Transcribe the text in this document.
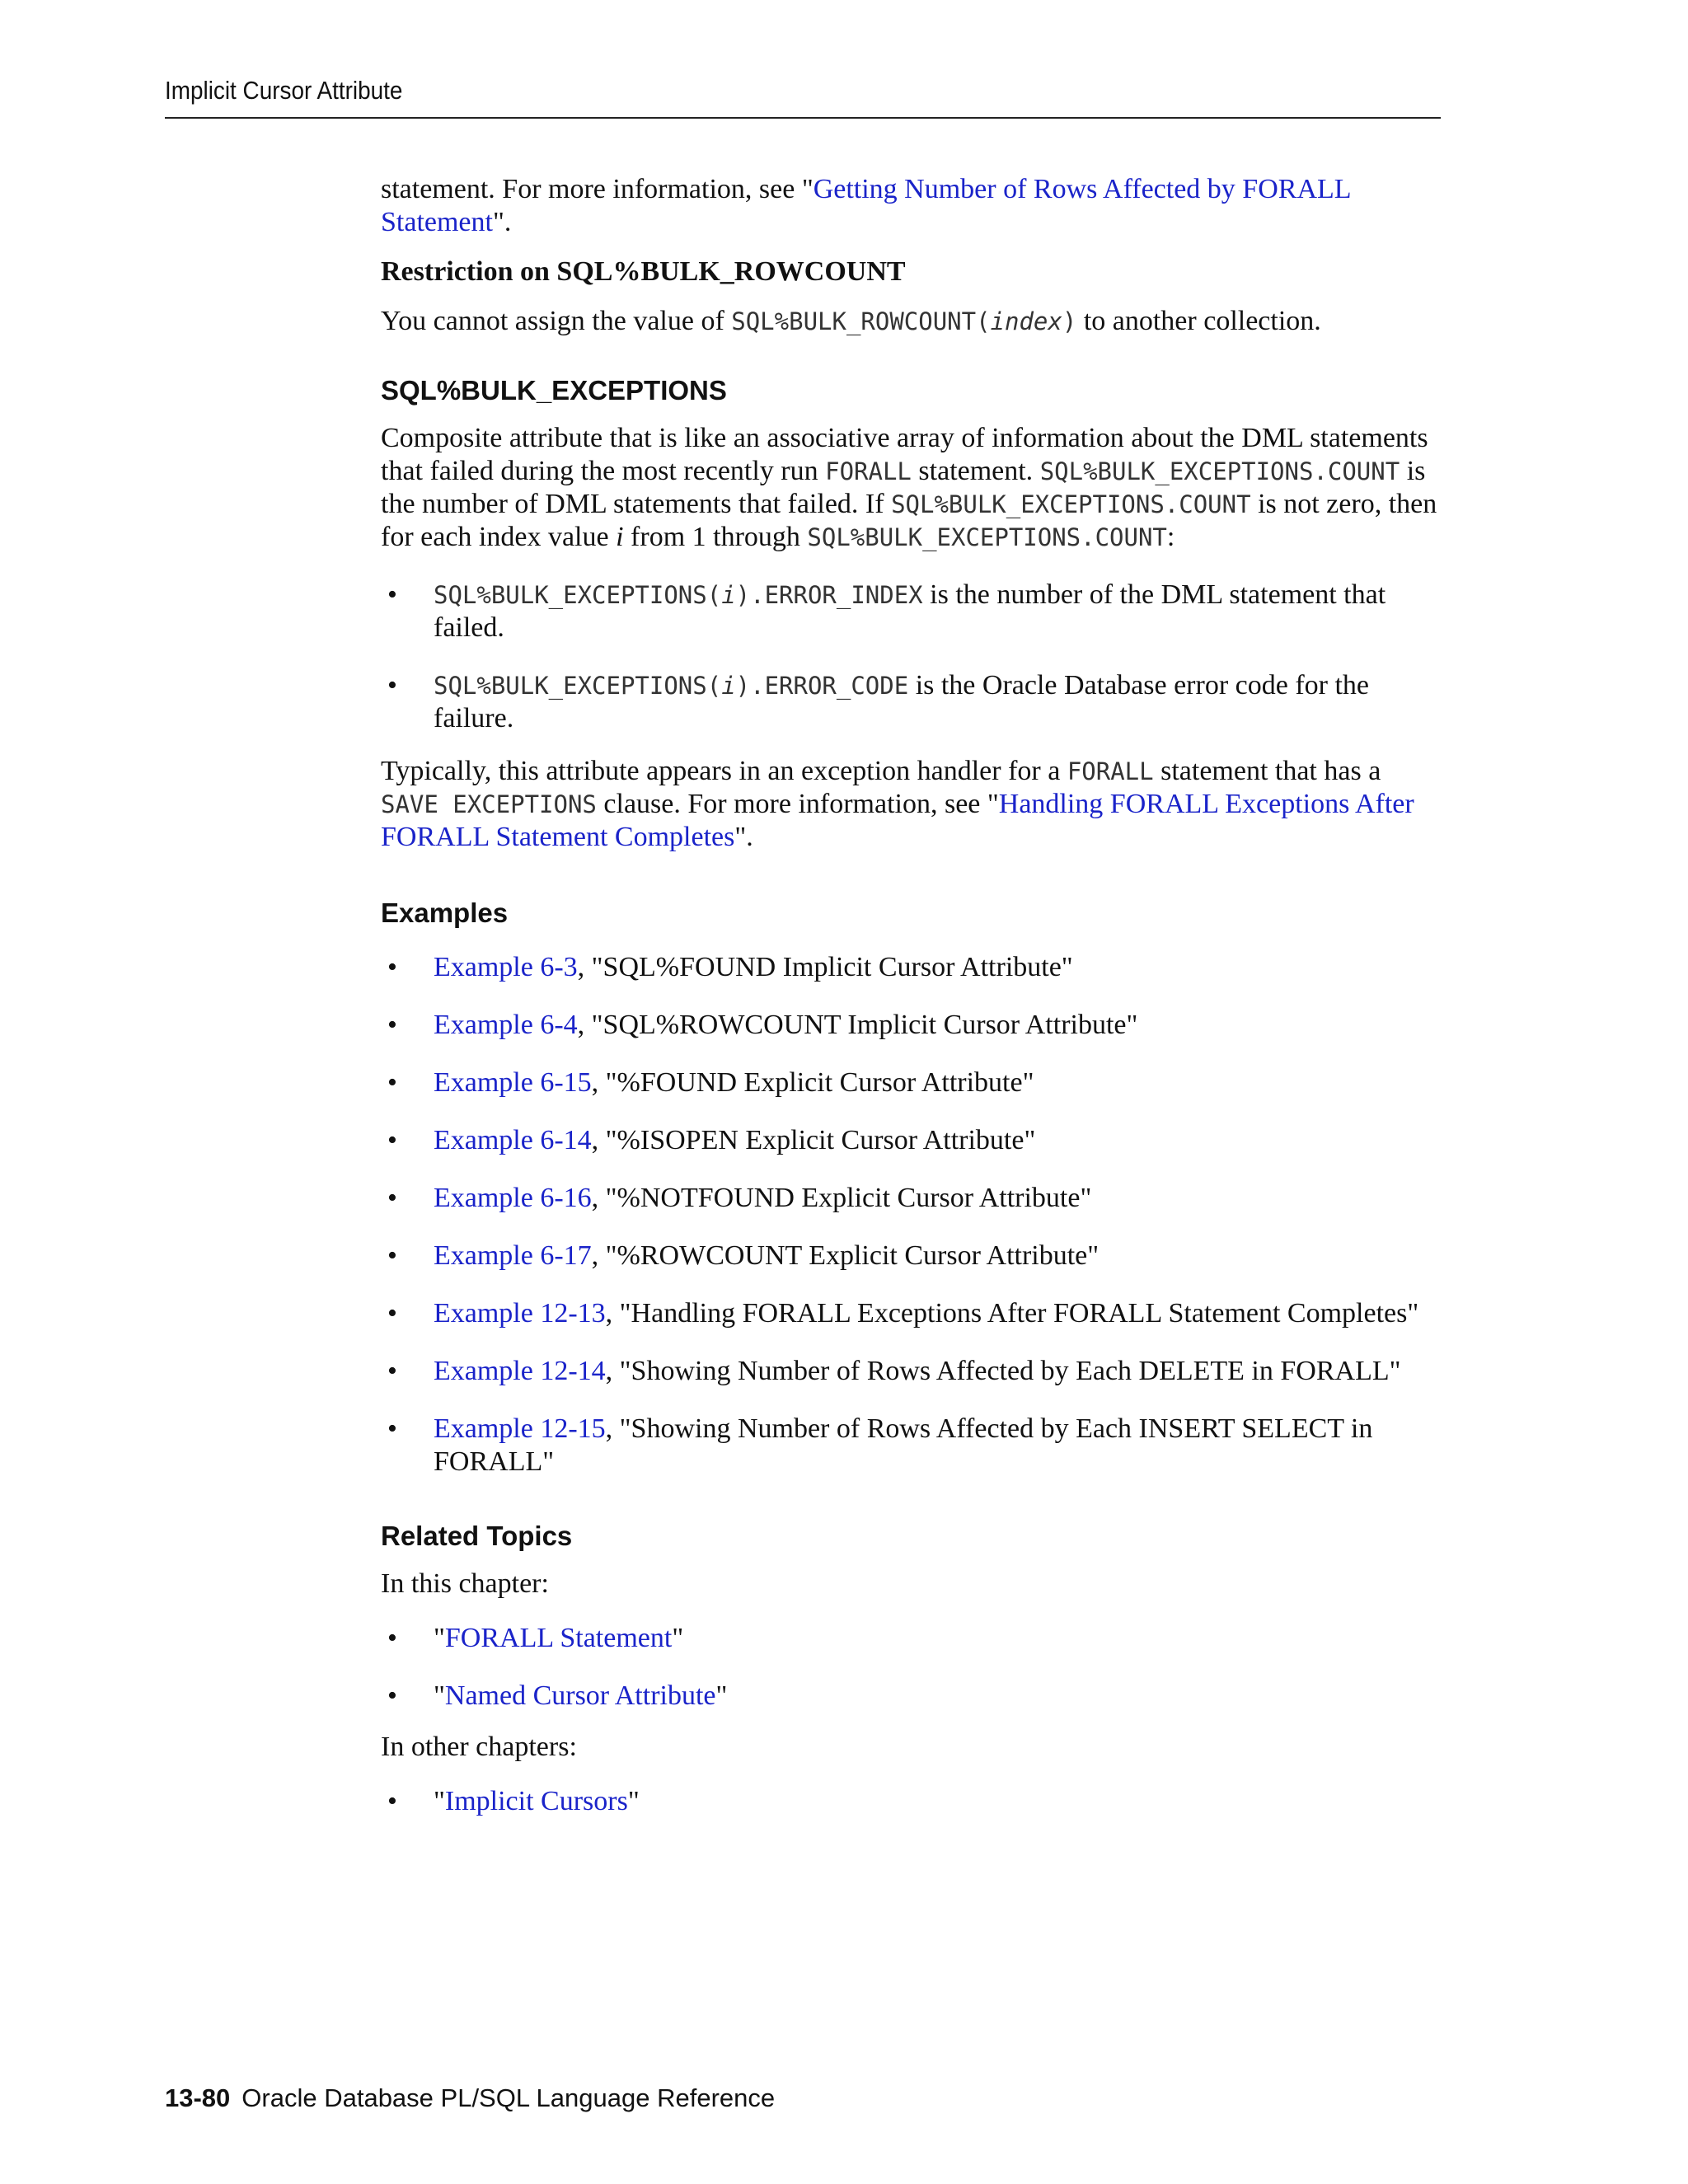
Implicit Cursor Attribute

statement. For more information, see "Getting Number of Rows Affected by FORALL Statement".

Restriction on SQL%BULK_ROWCOUNT

You cannot assign the value of SQL%BULK_ROWCOUNT(index) to another collection.

SQL%BULK_EXCEPTIONS

Composite attribute that is like an associative array of information about the DML statements that failed during the most recently run FORALL statement. SQL%BULK_EXCEPTIONS.COUNT is the number of DML statements that failed. If SQL%BULK_EXCEPTIONS.COUNT is not zero, then for each index value i from 1 through SQL%BULK_EXCEPTIONS.COUNT:

• SQL%BULK_EXCEPTIONS(i).ERROR_INDEX is the number of the DML statement that failed.
• SQL%BULK_EXCEPTIONS(i).ERROR_CODE is the Oracle Database error code for the failure.

Typically, this attribute appears in an exception handler for a FORALL statement that has a SAVE EXCEPTIONS clause. For more information, see "Handling FORALL Exceptions After FORALL Statement Completes".

Examples

• Example 6-3, "SQL%FOUND Implicit Cursor Attribute"
• Example 6-4, "SQL%ROWCOUNT Implicit Cursor Attribute"
• Example 6-15, "%FOUND Explicit Cursor Attribute"
• Example 6-14, "%ISOPEN Explicit Cursor Attribute"
• Example 6-16, "%NOTFOUND Explicit Cursor Attribute"
• Example 6-17, "%ROWCOUNT Explicit Cursor Attribute"
• Example 12-13, "Handling FORALL Exceptions After FORALL Statement Completes"
• Example 12-14, "Showing Number of Rows Affected by Each DELETE in FORALL"
• Example 12-15, "Showing Number of Rows Affected by Each INSERT SELECT in FORALL"

Related Topics

In this chapter:

• "FORALL Statement"
• "Named Cursor Attribute"

In other chapters:

• "Implicit Cursors"
13-80 Oracle Database PL/SQL Language Reference
